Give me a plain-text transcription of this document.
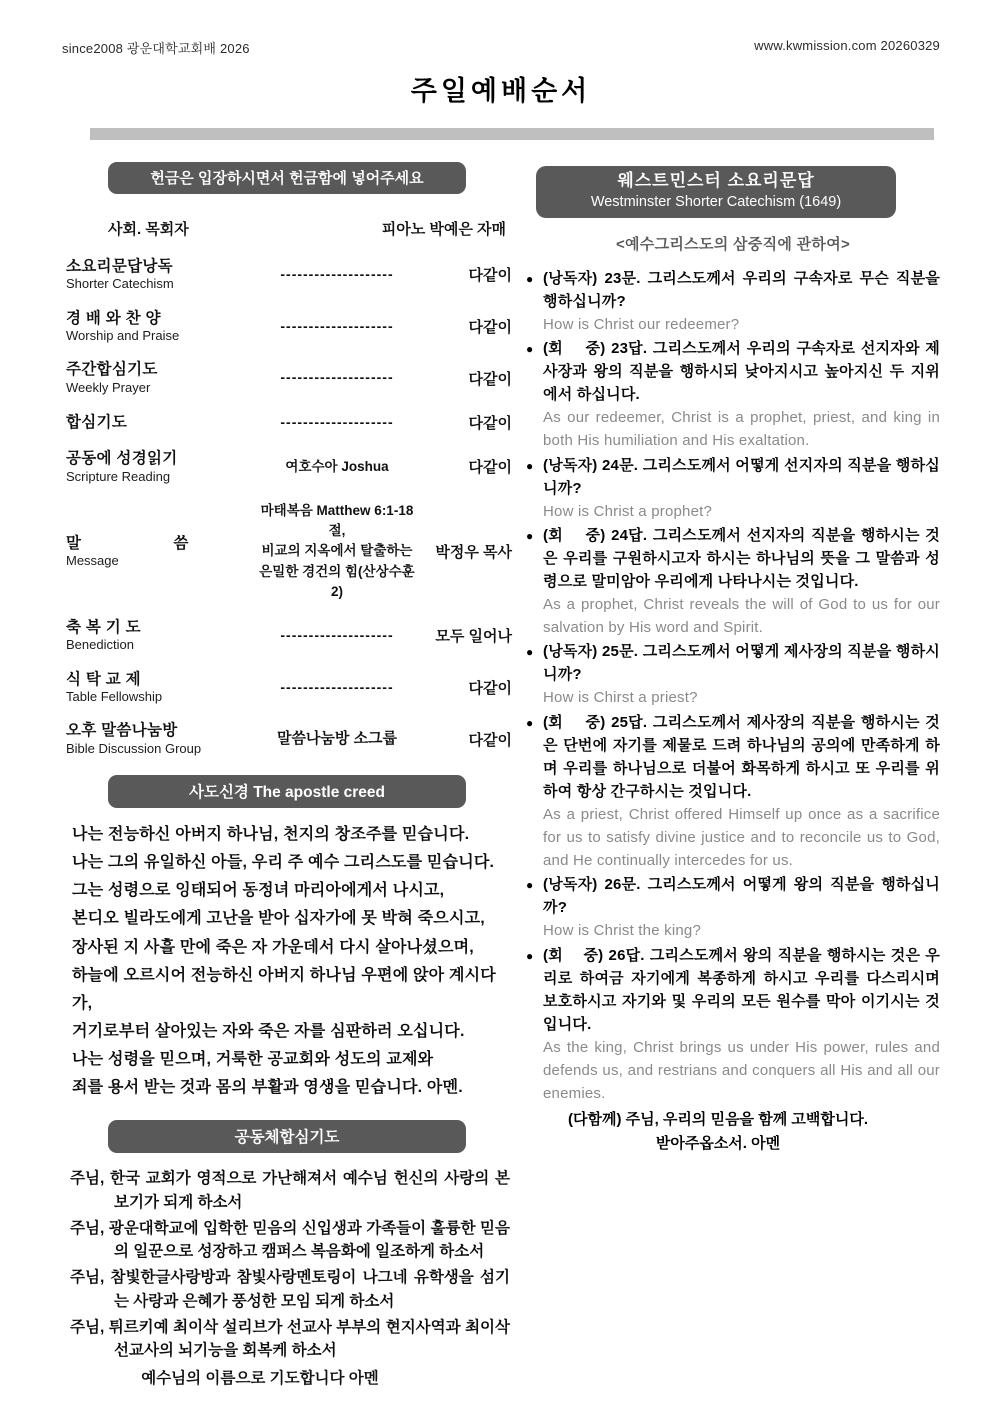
since2008 광운대학교회배 2026	www.kwmission.com 20260329
주일예배순서
헌금은 입장하시면서 헌금함에 넣어주세요
사회. 목회자	피아노 박예은 자매
소요리문답낭독
Shorter Catechism
--------------------	다같이
경 배 와 찬 양
Worship and Praise
--------------------	다같이
주간합심기도
Weekly Prayer
--------------------	다같이
합심기도	--------------------	다같이
공동에 성경읽기
Scripture Reading
여호수아 Joshua	다같이
말                    씀
Message
마태복음 Matthew 6:1-18절,
비교의 지옥에서 탈출하는
은밀한 경건의 힘(산상수훈2)
박정우 목사
축 복 기 도
Benediction
--------------------	모두 일어나
식 탁 교 제
Table Fellowship
--------------------	다같이
오후 말씀나눔방
Bible Discussion Group
말씀나눔방 소그룹	다같이
사도신경 The apostle creed
나는 전능하신 아버지 하나님, 천지의 창조주를 믿습니다.
나는 그의 유일하신 아들, 우리 주 예수 그리스도를 믿습니다.
그는 성령으로 잉태되어 동정녀 마리아에게서 나시고,
본디오 빌라도에게 고난을 받아 십자가에 못 박혀 죽으시고,
장사된 지 사흘 만에 죽은 자 가운데서 다시 살아나셨으며,
하늘에 오르시어 전능하신 아버지 하나님 우편에 앉아 계시다가,
거기로부터 살아있는 자와 죽은 자를 심판하러 오십니다.
나는 성령을 믿으며, 거룩한 공교회와 성도의 교제와
죄를 용서 받는 것과 몸의 부활과 영생을 믿습니다. 아멘.
공동체합심기도
주님, 한국 교회가 영적으로 가난해져서 예수님 헌신의 사랑의 본보기가 되게 하소서
주님, 광운대학교에 입학한 믿음의 신입생과 가족들이 훌륭한 믿음의 일꾼으로 성장하고 캠퍼스 복음화에 일조하게 하소서
주님, 참빛한글사랑방과 참빛사랑멘토링이 나그네 유학생을 섬기는 사랑과 은혜가 풍성한 모임 되게 하소서
주님, 튀르키예 최이삭 설리브가 선교사 부부의 현지사역과 최이삭 선교사의 뇌기능을 회복케 하소서
예수님의 이름으로 기도합니다 아멘
웨스트민스터 소요리문답
Westminster Shorter Catechism (1649)
<예수그리스도의 삼중직에 관하여>
● (낭독자) 23문. 그리스도께서 우리의 구속자로 무슨 직분을 행하십니까?

How is Christ our redeemer?

● (회    중) 23답. 그리스도께서 우리의 구속자로 선지자와 제사장과 왕의 직분을 행하시되 낮아지시고 높아지신 두 지위에서 하십니다.

As our redeemer, Christ is a prophet, priest, and king in both His humiliation and His exaltation.

● (낭독자) 24문. 그리스도께서 어떻게 선지자의 직분을 행하십니까?

How is Christ a prophet?

● (회    중) 24답. 그리스도께서 선지자의 직분을 행하시는 것은 우리를 구원하시고자 하시는 하나님의 뜻을 그 말씀과 성령으로 말미암아 우리에게 나타나시는 것입니다.

As a prophet, Christ reveals the will of God to us for our salvation by His word and Spirit.

● (낭독자) 25문. 그리스도께서 어떻게 제사장의 직분을 행하시니까?

How is Chirst a priest?

● (회    중) 25답. 그리스도께서 제사장의 직분을 행하시는 것은 단번에 자기를 제물로 드려 하나님의 공의에 만족하게 하며 우리를 하나님으로 더불어 화목하게 하시고 또 우리를 위하여 항상 간구하시는 것입니다.

As a priest, Christ offered Himself up once as a sacrifice for us to satisfy divine justice and to reconcile us to God, and He continually intercedes for us.

● (낭독자) 26문. 그리스도께서 어떻게 왕의 직분을 행하십니까?

How is Christ the king?

● (회    중) 26답. 그리스도께서 왕의 직분을 행하시는 것은 우리로 하여금 자기에게 복종하게 하시고 우리를 다스리시며 보호하시고 자기와 및 우리의 모든 원수를 막아 이기시는 것입니다.

As the king, Christ brings us under His power, rules and defends us, and restrians and conquers all His and all our enemies.

(다함께) 주님, 우리의 믿음을 함께 고백합니다.
받아주옵소서. 아멘
